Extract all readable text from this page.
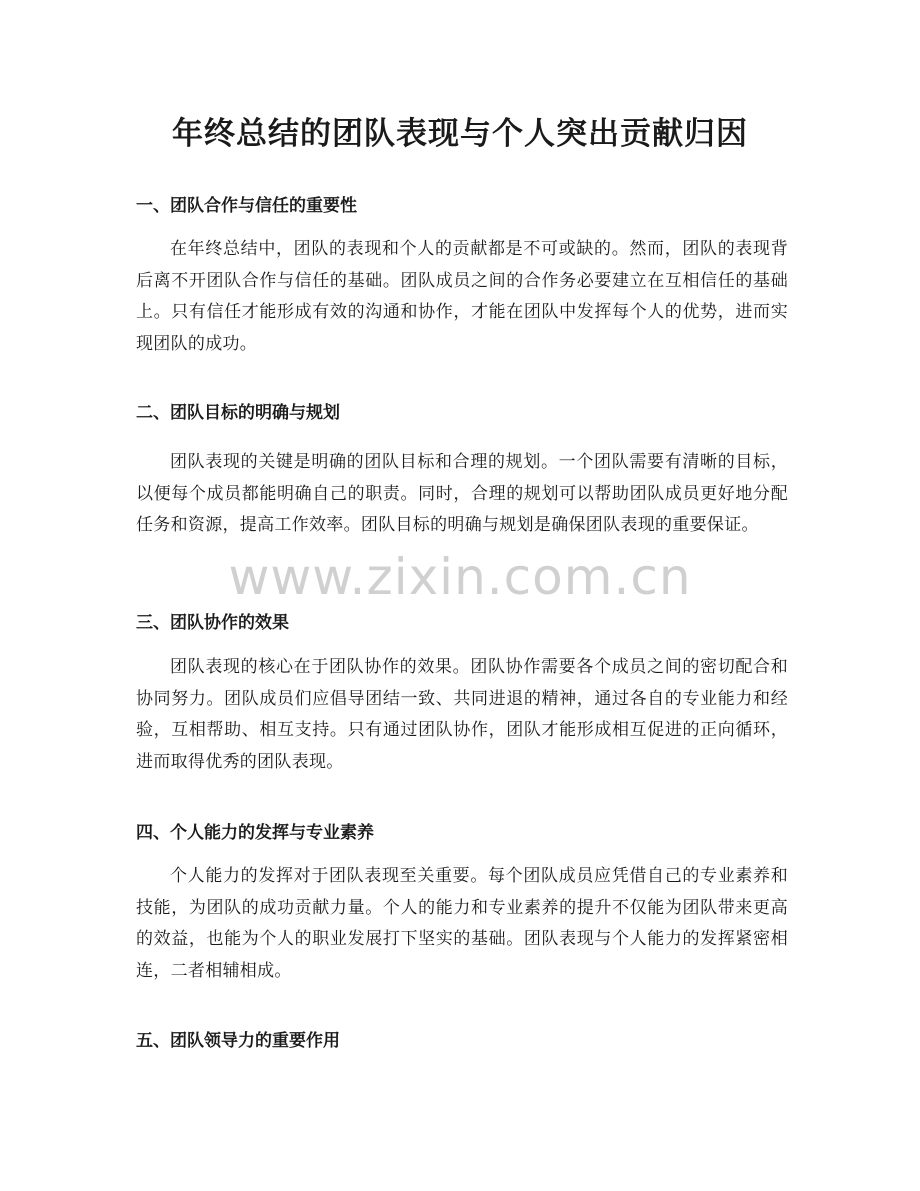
年终总结的团队表现与个人突出贡献归因
一、团队合作与信任的重要性

在年终总结中，团队的表现和个人的贡献都是不可或缺的。然而，团队的表现背后离不开团队合作与信任的基础。团队成员之间的合作务必要建立在互相信任的基础上。只有信任才能形成有效的沟通和协作，才能在团队中发挥每个人的优势，进而实现团队的成功。

二、团队目标的明确与规划

团队表现的关键是明确的团队目标和合理的规划。一个团队需要有清晰的目标，以便每个成员都能明确自己的职责。同时，合理的规划可以帮助团队成员更好地分配任务和资源，提高工作效率。团队目标的明确与规划是确保团队表现的重要保证。

三、团队协作的效果

团队表现的核心在于团队协作的效果。团队协作需要各个成员之间的密切配合和协同努力。团队成员们应倡导团结一致、共同进退的精神，通过各自的专业能力和经验，互相帮助、相互支持。只有通过团队协作，团队才能形成相互促进的正向循环，进而取得优秀的团队表现。

四、个人能力的发挥与专业素养

个人能力的发挥对于团队表现至关重要。每个团队成员应凭借自己的专业素养和技能，为团队的成功贡献力量。个人的能力和专业素养的提升不仅能为团队带来更高的效益，也能为个人的职业发展打下坚实的基础。团队表现与个人能力的发挥紧密相连，二者相辅相成。

五、团队领导力的重要作用
www.zixin.com.cn
